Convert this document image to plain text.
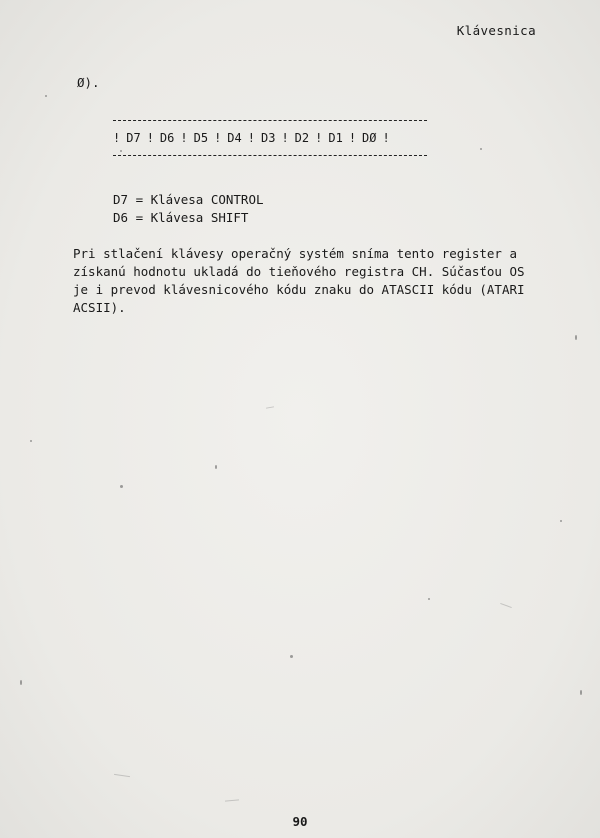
Klávesnica
Ø).
! D7 ! D6 ! D5 ! D4 ! D3 ! D2 ! D1 ! DØ !
D7 = Klávesa CONTROL
D6 = Klávesa SHIFT
Pri stlačení klávesy operačný systém sníma tento register a
získanú hodnotu ukladá do tieňového registra CH. Súčasťou OS
je i prevod klávesnicového kódu znaku do ATASCII kódu (ATARI
ACSII).
90
